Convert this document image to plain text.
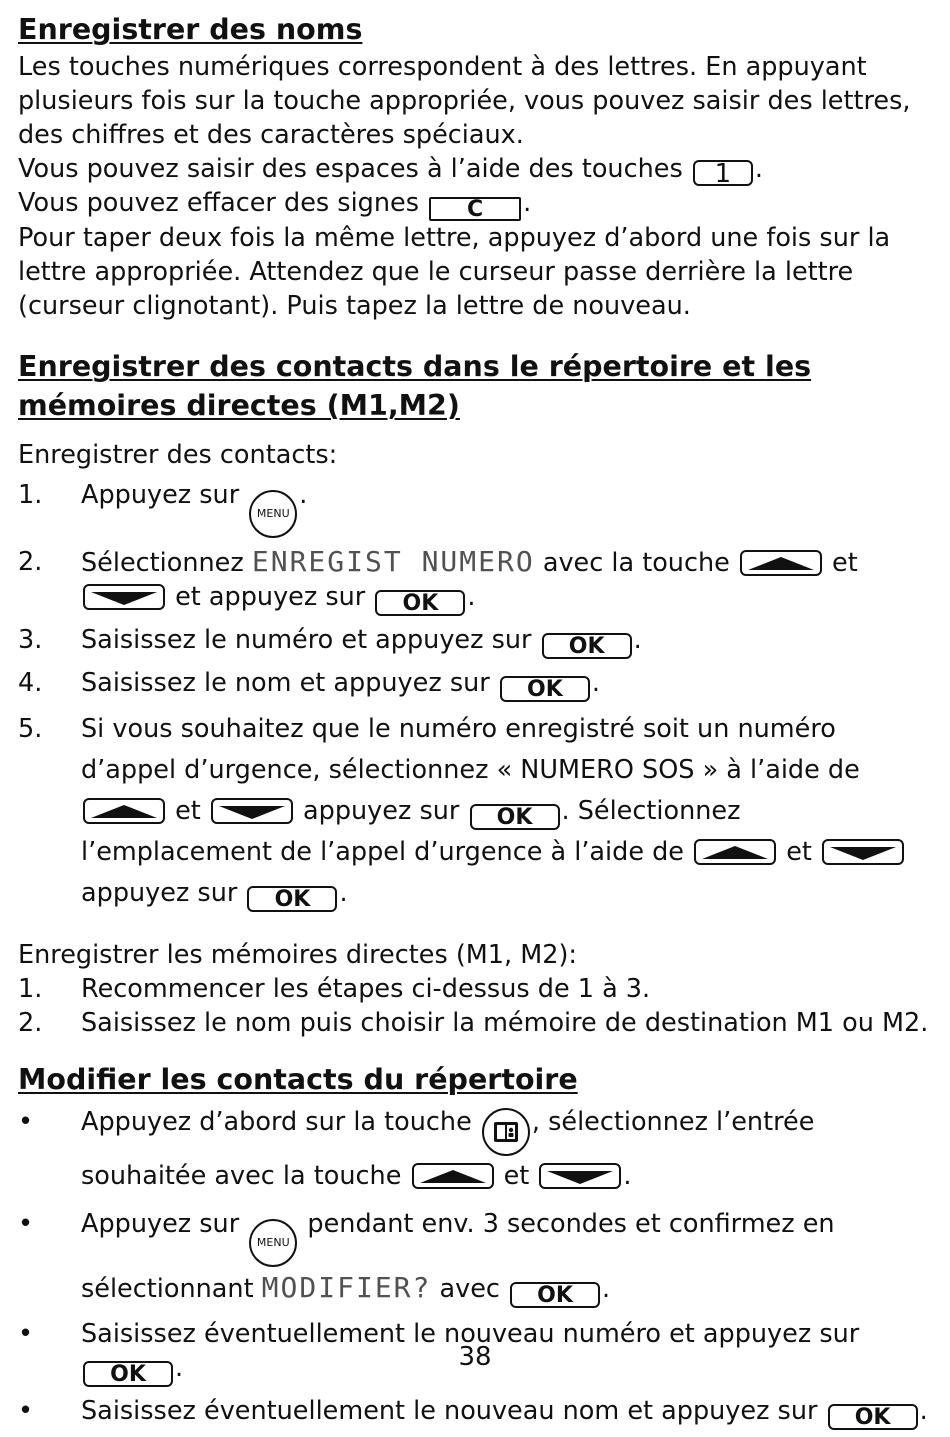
Enregistrer des noms

Les touches numériques correspondent à des lettres. En appuyant plusieurs fois sur la touche appropriée, vous pouvez saisir des lettres, des chiffres et des caractères spéciaux.

Vous pouvez saisir des espaces à l’aide des touches 1 .

Vous pouvez effacer des signes C .

Pour taper deux fois la même lettre, appuyez d’abord une fois sur la lettre appropriée. Attendez que le curseur passe derrière la lettre (curseur clignotant). Puis tapez la lettre de nouveau.

Enregistrer des contacts dans le répertoire et les mémoires directes (M1,M2)

Enregistrer des contacts:

1. Appuyez sur MENU.
2. Sélectionnez ENREGIST NUMERO avec la touche	et

et appuyez sur OK .
3. Saisissez le numéro et appuyez sur OK .
4. Saisissez le nom et appuyez sur OK .
5. Si vous souhaitez que le numéro enregistré soit un numéro d’appel d’urgence, sélectionnez « NUMERO SOS » à l’aide de
et	appuyez sur OK . Sélectionnez l’emplacement de l’appel d’urgence à l’aide de	et
appuyez sur OK .

Enregistrer les mémoires directes (M1, M2):

1. Recommencer les étapes ci-dessus de 1 à 3.
2. Saisissez le nom puis choisir la mémoire de destination M1 ou M2.
Modifier les contacts du répertoire
• Appuyez d’abord sur la touche , sélectionnez l’entrée souhaitée avec la touche	et	.
• Appuyez sur MENU pendant env. 3 secondes et confirmez en sélectionnant MODIFIER? avec OK .
• Saisissez éventuellement le nouveau numéro et appuyez sur OK .
• Saisissez éventuellement le nouveau nom et appuyez sur OK .
38
